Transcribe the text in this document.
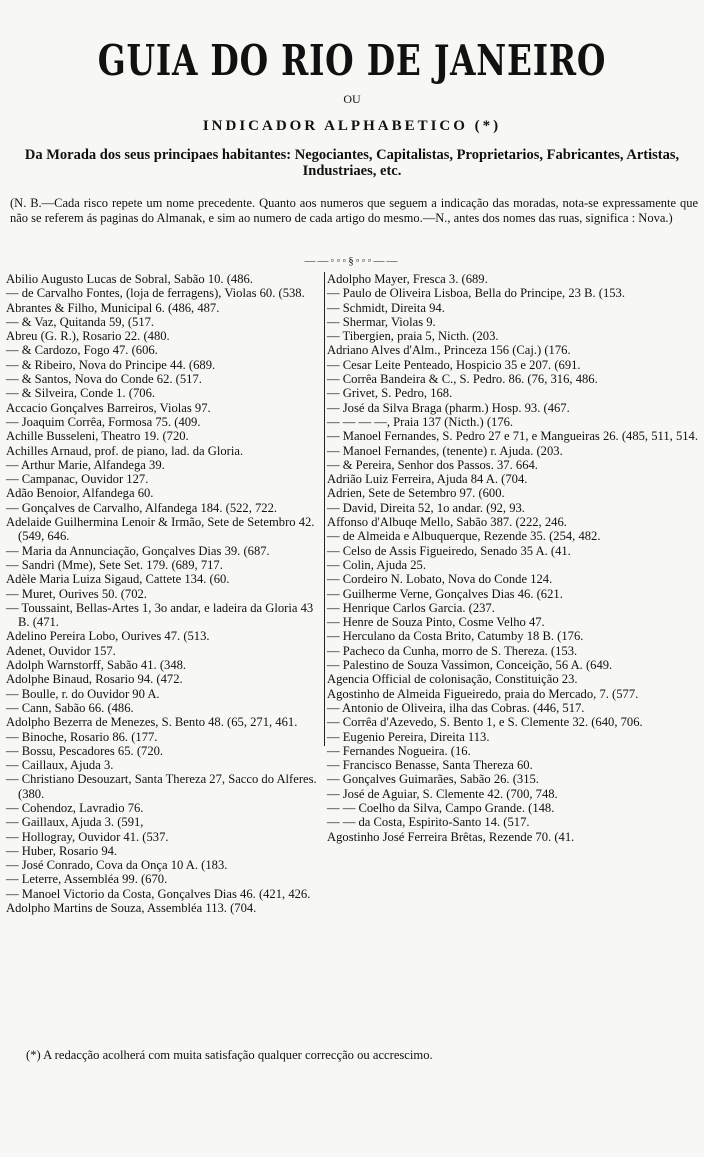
GUIA DO RIO DE JANEIRO
OU
INDICADOR ALPHABETICO (*)
Da Morada dos seus principaes habitantes: Negociantes, Capitalistas, Proprietarios, Fabricantes, Artistas, Industriaes, etc.
(N. B.—Cada risco repete um nome precedente. Quanto aos numeros que seguem a indicação das moradas, nota-se expressamente que não se referem ás paginas do Almanak, e sim ao numero de cada artigo do mesmo.—N., antes dos nomes das ruas, significa : Nova.)
——◦◦◦§◦◦◦——

Abilio Augusto Lucas de Sobral, Sabão 10. (486.

— de Carvalho Fontes, (loja de ferragens), Violas 60. (538.

Abrantes & Filho, Municipal 6. (486, 487.

— & Vaz, Quitanda 59, (517.

Abreu (G. R.), Rosario 22. (480.

— & Cardozo, Fogo 47. (606.

— & Ribeiro, Nova do Principe 44. (689.

— & Santos, Nova do Conde 62. (517.

— & Silveira, Conde 1. (706.

Accacio Gonçalves Barreiros, Violas 97.

— Joaquim Corrêa, Formosa 75. (409.

Achille Busseleni, Theatro 19. (720.

Achilles Arnaud, prof. de piano, lad. da Gloria.

— Arthur Marie, Alfandega 39.

— Campanac, Ouvidor 127.

Adão Benoior, Alfandega 60.

— Gonçalves de Carvalho, Alfandega 184. (522, 722.

Adelaide Guilhermina Lenoir & Irmão, Sete de Setembro 42. (549, 646.

— Maria da Annunciação, Gonçalves Dias 39. (687.

— Sandri (Mme), Sete Set. 179. (689, 717.

Adèle Maria Luiza Sigaud, Cattete 134. (60.

— Muret, Ourives 50. (702.

— Toussaint, Bellas-Artes 1, 3o andar, e ladeira da Gloria 43 B. (471.

Adelino Pereira Lobo, Ourives 47. (513.

Adenet, Ouvidor 157.

Adolph Warnstorff, Sabão 41. (348.

Adolphe Binaud, Rosario 94. (472.

— Boulle, r. do Ouvidor 90 A.

— Cann, Sabão 66. (486.

Adolpho Bezerra de Menezes, S. Bento 48. (65, 271, 461.

— Binoche, Rosario 86. (177.

— Bossu, Pescadores 65. (720.

— Caillaux, Ajuda 3.

— Christiano Desouzart, Santa Thereza 27, Sacco do Alferes. (380.

— Cohendoz, Lavradio 76.

— Gaillaux, Ajuda 3. (591,

— Hollogray, Ouvidor 41. (537.

— Huber, Rosario 94.

— José Conrado, Cova da Onça 10 A. (183.

— Leterre, Assembléa 99. (670.

— Manoel Victorio da Costa, Gonçalves Dias 46. (421, 426.

Adolpho Martins de Souza, Assembléa 113. (704.

Adolpho Mayer, Fresca 3. (689.

— Paulo de Oliveira Lisboa, Bella do Principe, 23 B. (153.

— Schmidt, Direita 94.

— Shermar, Violas 9.

— Tibergien, praia 5, Nicth. (203.

Adriano Alves d'Alm., Princeza 156 (Caj.) (176.

— Cesar Leite Penteado, Hospicio 35 e 207. (691.

— Corrêa Bandeira & C., S. Pedro. 86. (76, 316, 486.

— Grivet, S. Pedro, 168.

— José da Silva Braga (pharm.) Hosp. 93. (467.

— — — —, Praia 137 (Nicth.) (176.

— Manoel Fernandes, S. Pedro 27 e 71, e Mangueiras 26. (485, 511, 514.

— Manoel Fernandes, (tenente) r. Ajuda. (203.

— & Pereira, Senhor dos Passos. 37. 664.

Adrião Luiz Ferreira, Ajuda 84 A. (704.

Adrien, Sete de Setembro 97. (600.

— David, Direita 52, 1o andar. (92, 93.

Affonso d'Albuqe Mello, Sabão 387. (222, 246.

— de Almeida e Albuquerque, Rezende 35. (254, 482.

— Celso de Assis Figueiredo, Senado 35 A. (41.

— Colin, Ajuda 25.

— Cordeiro N. Lobato, Nova do Conde 124.

— Guilherme Verne, Gonçalves Dias 46. (621.

— Henrique Carlos Garcia. (237.

— Henre de Souza Pinto, Cosme Velho 47.

— Herculano da Costa Brito, Catumby 18 B. (176.

— Pacheco da Cunha, morro de S. Thereza. (153.

— Palestino de Souza Vassimon, Conceição, 56 A. (649.

Agencia Official de colonisação, Constituição 23.

Agostinho de Almeida Figueiredo, praia do Mercado, 7. (577.

— Antonio de Oliveira, ilha das Cobras. (446, 517.

— Corrêa d'Azevedo, S. Bento 1, e S. Clemente 32. (640, 706.

— Eugenio Pereira, Direita 113.

— Fernandes Nogueira. (16.

— Francisco Benasse, Santa Thereza 60.

— Gonçalves Guimarães, Sabão 26. (315.

— José de Aguiar, S. Clemente 42. (700, 748.

— — Coelho da Silva, Campo Grande. (148.

— — da Costa, Espirito-Santo 14. (517.

Agostinho José Ferreira Brêtas, Rezende 70. (41.

(*) A redacção acolherá com muita satisfação qualquer correcção ou accrescimo.
